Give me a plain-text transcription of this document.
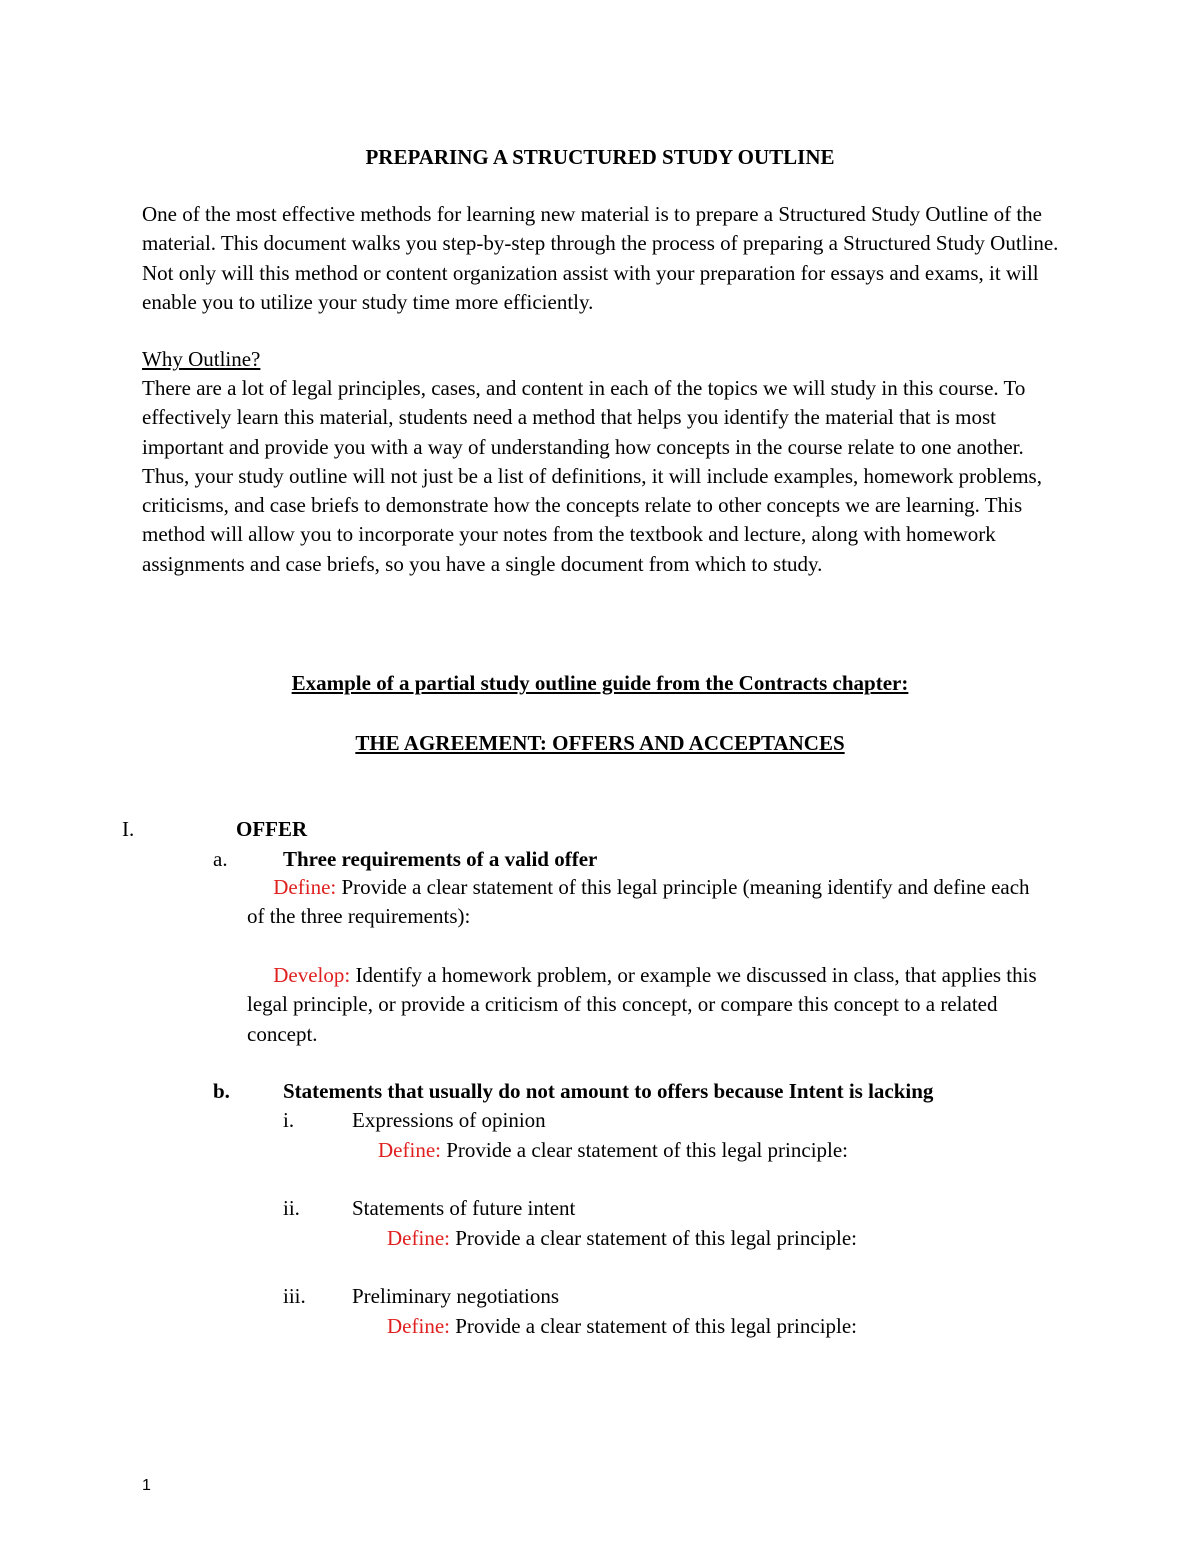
PREPARING A STRUCTURED STUDY OUTLINE
One of the most effective methods for learning new material is to prepare a Structured Study Outline of the material. This document walks you step-by-step through the process of preparing a Structured Study Outline. Not only will this method or content organization assist with your preparation for essays and exams, it will enable you to utilize your study time more efficiently.
Why Outline?
There are a lot of legal principles, cases, and content in each of the topics we will study in this course. To effectively learn this material, students need a method that helps you identify the material that is most important and provide you with a way of understanding how concepts in the course relate to one another. Thus, your study outline will not just be a list of definitions, it will include examples, homework problems, criticisms, and case briefs to demonstrate how the concepts relate to other concepts we are learning. This method will allow you to incorporate your notes from the textbook and lecture, along with homework assignments and case briefs, so you have a single document from which to study.
Example of a partial study outline guide from the Contracts chapter:
THE AGREEMENT: OFFERS AND ACCEPTANCES
I.	OFFER
a.	Three requirements of a valid offer
Define: Provide a clear statement of this legal principle (meaning identify and define each of the three requirements):
Develop: Identify a homework problem, or example we discussed in class, that applies this legal principle, or provide a criticism of this concept, or compare this concept to a related concept.
b.	Statements that usually do not amount to offers because Intent is lacking
i.	Expressions of opinion
Define: Provide a clear statement of this legal principle:
ii. Statements of future intent
Define: Provide a clear statement of this legal principle:
iii. Preliminary negotiations
Define: Provide a clear statement of this legal principle:
1
